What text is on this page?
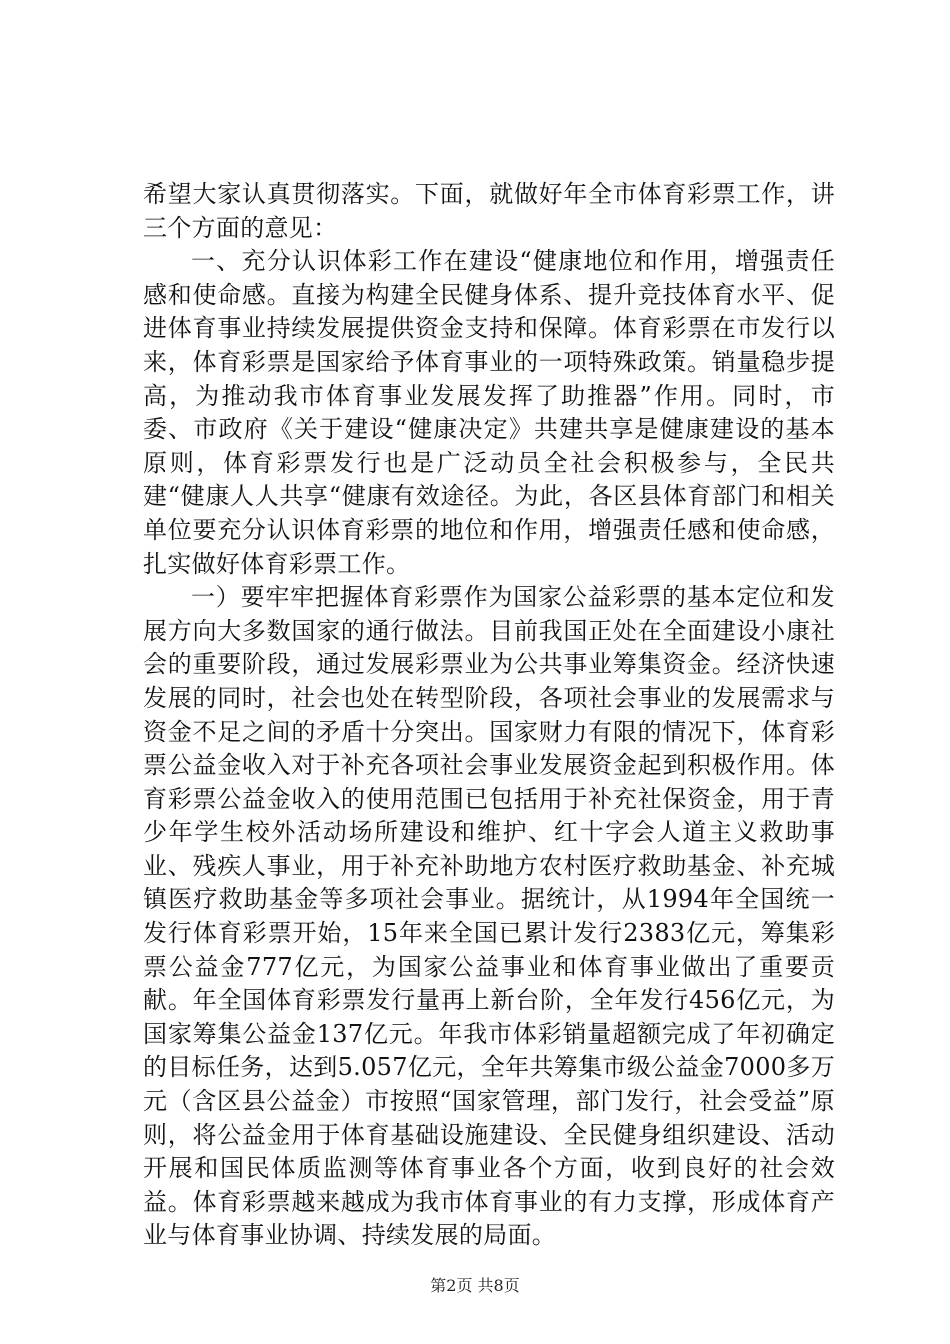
希望大家认真贯彻落实。下面，就做好年全市体育彩票工作，讲三个方面的意见：

一、充分认识体彩工作在建设“健康地位和作用，增强责任感和使命感。直接为构建全民健身体系、提升竞技体育水平、促进体育事业持续发展提供资金支持和保障。体育彩票在市发行以来，体育彩票是国家给予体育事业的一项特殊政策。销量稳步提高，为推动我市体育事业发展发挥了助推器”作用。同时，市委、市政府《关于建设“健康决定》共建共享是健康建设的基本原则，体育彩票发行也是广泛动员全社会积极参与，全民共建“健康人人共享“健康有效途径。为此，各区县体育部门和相关单位要充分认识体育彩票的地位和作用，增强责任感和使命感，扎实做好体育彩票工作。

一）要牢牢把握体育彩票作为国家公益彩票的基本定位和发展方向大多数国家的通行做法。目前我国正处在全面建设小康社会的重要阶段，通过发展彩票业为公共事业筹集资金。经济快速发展的同时，社会也处在转型阶段，各项社会事业的发展需求与资金不足之间的矛盾十分突出。国家财力有限的情况下，体育彩票公益金收入对于补充各项社会事业发展资金起到积极作用。体育彩票公益金收入的使用范围已包括用于补充社保资金，用于青少年学生校外活动场所建设和维护、红十字会人道主义救助事业、残疾人事业，用于补充补助地方农村医疗救助基金、补充城镇医疗救助基金等多项社会事业。据统计，从1994年全国统一发行体育彩票开始，15年来全国已累计发行2383亿元，筹集彩票公益金777亿元，为国家公益事业和体育事业做出了重要贡献。年全国体育彩票发行量再上新台阶，全年发行456亿元，为国家筹集公益金137亿元。年我市体彩销量超额完成了年初确定的目标任务，达到5.057亿元，全年共筹集市级公益金7000多万元（含区县公益金）市按照“国家管理，部门发行，社会受益”原则，将公益金用于体育基础设施建设、全民健身组织建设、活动开展和国民体质监测等体育事业各个方面，收到良好的社会效益。体育彩票越来越成为我市体育事业的有力支撑，形成体育产业与体育事业协调、持续发展的局面。

第2页 共8页
